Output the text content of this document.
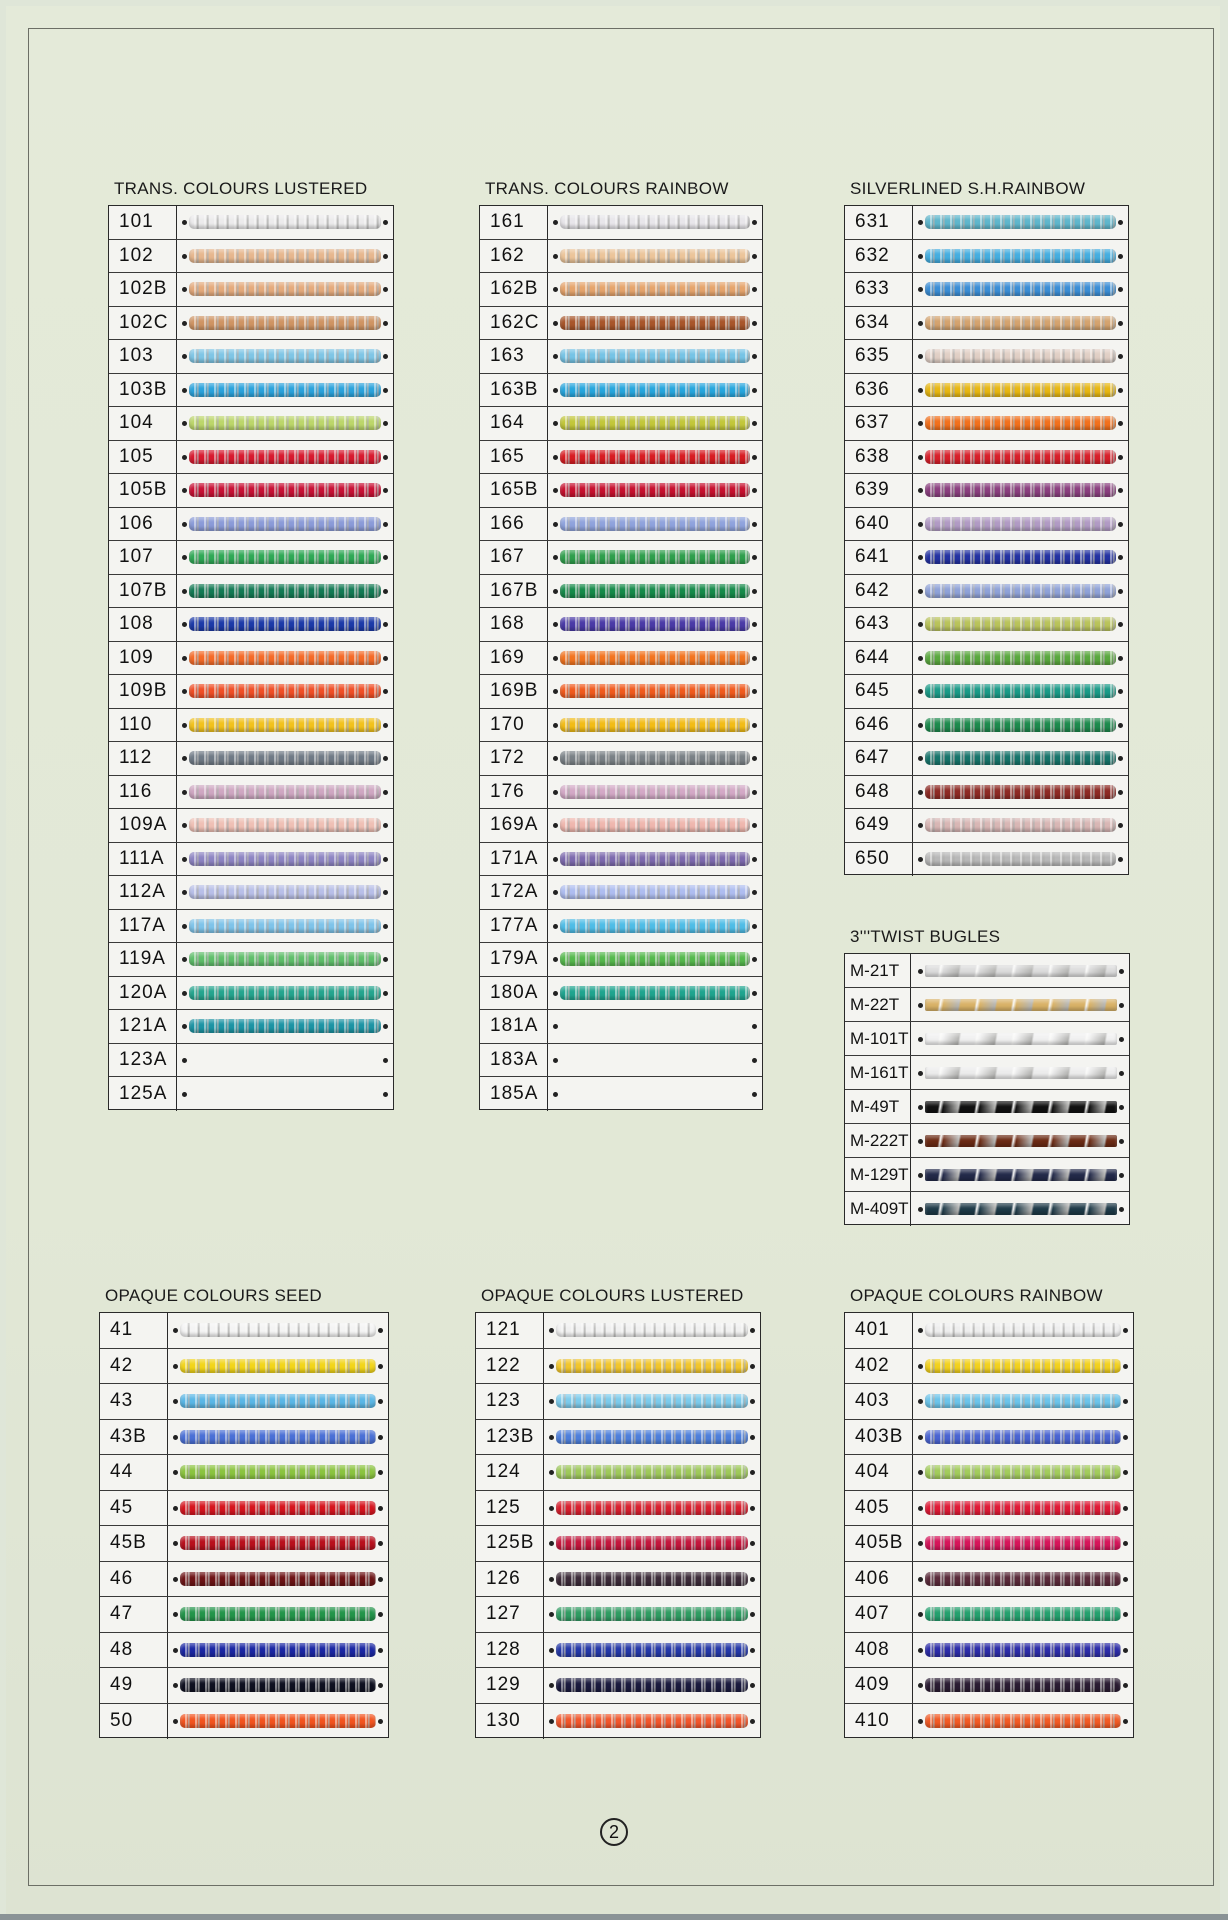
TRANS. COLOURS LUSTERED
101
102
102B
102C
103
103B
104
105
105B
106
107
107B
108
109
109B
110
112
116
109A
111A
112A
117A
119A
120A
121A
123A
125A
TRANS. COLOURS RAINBOW
161
162
162B
162C
163
163B
164
165
165B
166
167
167B
168
169
169B
170
172
176
169A
171A
172A
177A
179A
180A
181A
183A
185A
SILVERLINED S.H.RAINBOW
631
632
633
634
635
636
637
638
639
640
641
642
643
644
645
646
647
648
649
650
3'''TWIST BUGLES
M-21T
M-22T
M-101T
M-161T
M-49T
M-222T
M-129T
M-409T
OPAQUE COLOURS SEED
41
42
43
43B
44
45
45B
46
47
48
49
50
OPAQUE COLOURS LUSTERED
121
122
123
123B
124
125
125B
126
127
128
129
130
OPAQUE COLOURS RAINBOW
401
402
403
403B
404
405
405B
406
407
408
409
410
2
